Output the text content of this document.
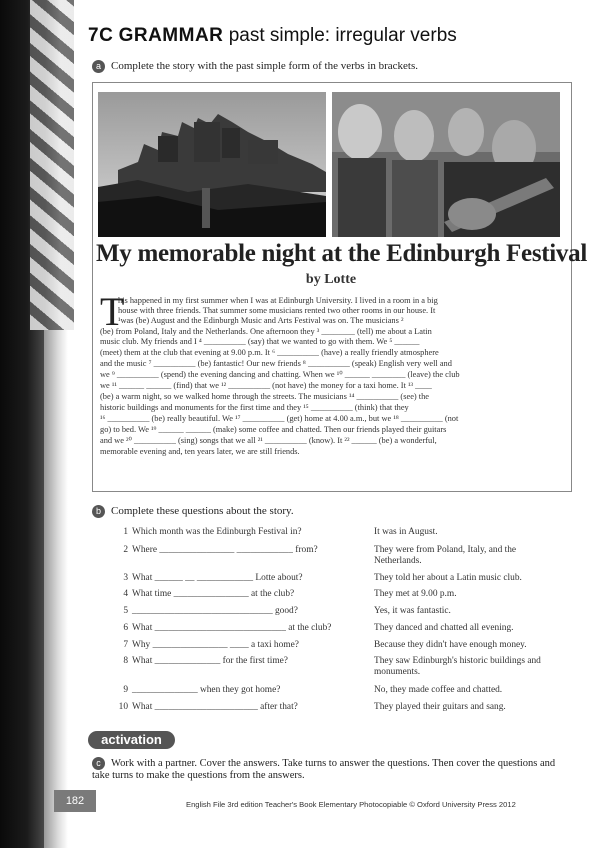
7C GRAMMAR past simple: irregular verbs
a Complete the story with the past simple form of the verbs in brackets.
My memorable night at the Edinburgh Festival
by Lotte
T
his happened in my first summer when I was at Edinburgh University. I lived in a room in a big
house with three friends. That summer some musicians rented two other rooms in our house. It
¹was (be) August and the Edinburgh Music and Arts Festival was on. The musicians ²
(be) from Poland, Italy and the Netherlands. One afternoon they ³ ________ (tell) me about a Latin
music club. My friends and I ⁴ __________ (say) that we wanted to go with them. We ⁵ ______
(meet) them at the club that evening at 9.00 p.m. It ⁶ __________ (have) a really friendly atmosphere
and the music ⁷ __________ (be) fantastic! Our new friends ⁸ __________ (speak) English very well and
we ⁹ __________ (spend) the evening dancing and chatting. When we ¹⁰ ______ ________ (leave) the club
we ¹¹ ______ ______ (find) that we ¹² __________ (not have) the money for a taxi home. It ¹³ ____
(be) a warm night, so we walked home through the streets. The musicians ¹⁴ __________ (see) the
historic buildings and monuments for the first time and they ¹⁵ __________ (think) that they
¹⁶ __________ (be) really beautiful. We ¹⁷ __________ (get) home at 4.00 a.m., but we ¹⁸ __________ (not
go) to bed. We ¹⁹ ______ ______ (make) some coffee and chatted. Then our friends played their guitars
and we ²⁰ __________ (sing) songs that we all ²¹ __________ (know). It ²² ______ (be) a wonderful,
memorable evening and, ten years later, we are still friends.
b Complete these questions about the story.
1 Which month was the Edinburgh Festival in?	It was in August.
2 Where ________________ ____________ from?	They were from Poland, Italy, and the Netherlands.
3 What ______ __ ____________ Lotte about?	They told her about a Latin music club.
4 What time ________________ at the club?	They met at 9.00 p.m.
5 ______________________________ good?	Yes, it was fantastic.
6 What ____________________________ at the club?	They danced and chatted all evening.
7 Why ________________ ____ a taxi home?	Because they didn't have enough money.
8 What ______________ for the first time?	They saw Edinburgh's historic buildings and monuments.
9 ______________ when they got home?	No, they made coffee and chatted.
10 What ______________________ after that?	They played their guitars and sang.
activation
c Work with a partner. Cover the answers. Take turns to answer the questions. Then cover the questions and take turns to make the questions from the answers.
182	English File 3rd edition Teacher's Book Elementary Photocopiable © Oxford University Press 2012
